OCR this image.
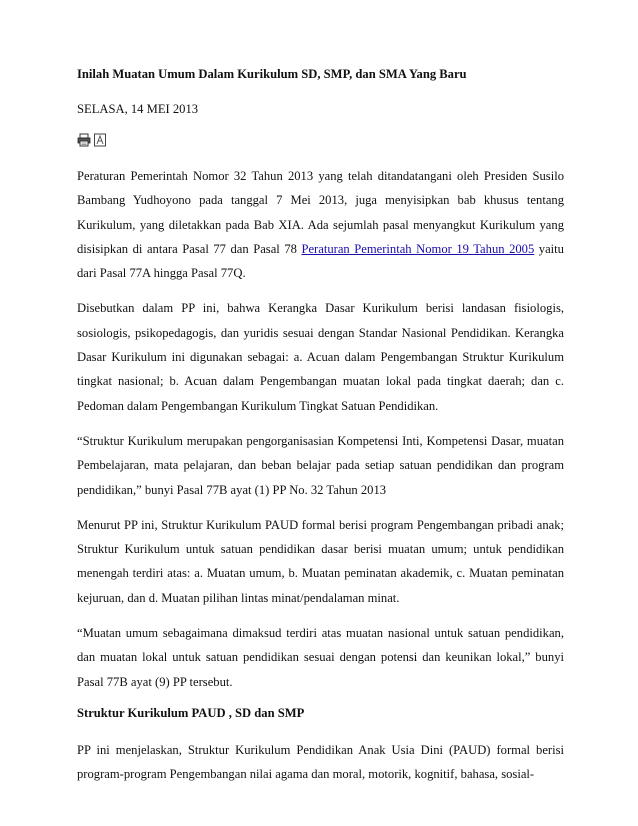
Inilah Muatan Umum Dalam Kurikulum SD, SMP, dan SMA Yang Baru
SELASA, 14 MEI 2013

Peraturan Pemerintah Nomor 32 Tahun 2013 yang telah ditandatangani oleh Presiden Susilo Bambang Yudhoyono pada tanggal 7 Mei 2013, juga menyisipkan bab khusus tentang Kurikulum, yang diletakkan pada Bab XIA. Ada sejumlah pasal menyangkut Kurikulum yang disisipkan di antara Pasal 77 dan Pasal 78 Peraturan Pemerintah Nomor 19 Tahun 2005 yaitu dari Pasal 77A hingga Pasal 77Q.

Disebutkan dalam PP ini, bahwa Kerangka Dasar Kurikulum berisi landasan fisiologis, sosiologis, psikopedagogis, dan yuridis sesuai dengan Standar Nasional Pendidikan. Kerangka Dasar Kurikulum ini digunakan sebagai: a. Acuan dalam Pengembangan Struktur Kurikulum tingkat nasional; b. Acuan dalam Pengembangan muatan lokal pada tingkat daerah; dan c. Pedoman dalam Pengembangan Kurikulum Tingkat Satuan Pendidikan.

“Struktur Kurikulum merupakan pengorganisasian Kompetensi Inti, Kompetensi Dasar, muatan Pembelajaran, mata pelajaran, dan beban belajar pada setiap satuan pendidikan dan program pendidikan,” bunyi Pasal 77B ayat (1) PP No. 32 Tahun 2013

Menurut PP ini, Struktur Kurikulum PAUD formal berisi program Pengembangan pribadi anak; Struktur Kurikulum untuk satuan pendidikan dasar berisi muatan umum; untuk pendidikan menengah terdiri atas: a. Muatan umum, b. Muatan peminatan akademik, c. Muatan peminatan kejuruan, dan d. Muatan pilihan lintas minat/pendalaman minat.

“Muatan umum sebagaimana dimaksud terdiri atas muatan nasional untuk satuan pendidikan, dan muatan lokal untuk satuan pendidikan sesuai dengan potensi dan keunikan lokal,” bunyi Pasal 77B ayat (9) PP tersebut.

Struktur Kurikulum PAUD , SD dan SMP

PP ini menjelaskan, Struktur Kurikulum Pendidikan Anak Usia Dini (PAUD) formal berisi program-program Pengembangan nilai agama dan moral, motorik, kognitif, bahasa, sosial-
